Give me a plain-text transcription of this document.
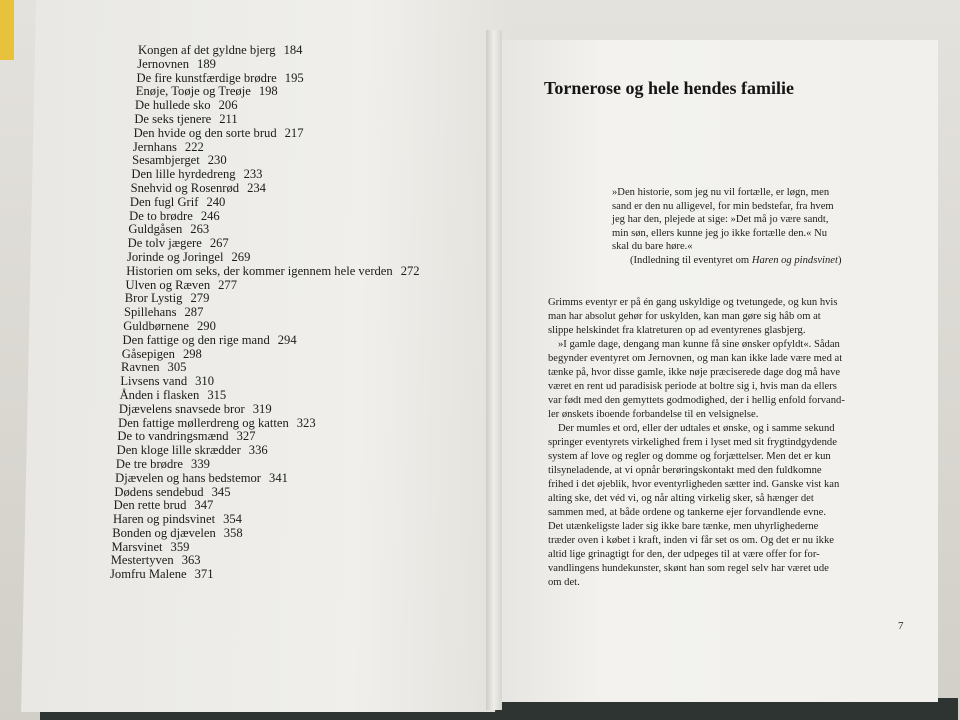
Kongen af det gyldne bjerg 184
Jernovnen 189
De fire kunstfærdige brødre 195
Enøje, Toøje og Treøje 198
De hullede sko 206
De seks tjenere 211
Den hvide og den sorte brud 217
Jernhans 222
Sesambjerget 230
Den lille hyrdedreng 233
Snehvid og Rosenrød 234
Den fugl Grif 240
De to brødre 246
Guldgåsen 263
De tolv jægere 267
Jorinde og Joringel 269
Historien om seks, der kommer igennem hele verden 272
Ulven og Ræven 277
Bror Lystig 279
Spillehans 287
Guldbørnene 290
Den fattige og den rige mand 294
Gåsepigen 298
Ravnen 305
Livsens vand 310
Ånden i flasken 315
Djævelens snavsede bror 319
Den fattige møllerdreng og katten 323
De to vandringsmænd 327
Den kloge lille skrædder 336
De tre brødre 339
Djævelen og hans bedstemor 341
Dødens sendebud 345
Den rette brud 347
Haren og pindsvinet 354
Bonden og djævelen 358
Marsvinet 359
Mestertyven 363
Jomfru Malene 371
Tornerose og hele hendes familie
»Den historie, som jeg nu vil fortælle, er løgn, men
sand er den nu alligevel, for min bedstefar, fra hvem
jeg har den, plejede at sige: »Det må jo være sandt,
min søn, ellers kunne jeg jo ikke fortælle den.« Nu
skal du bare høre.«
(Indledning til eventyret om Haren og pindsvinet)
Grimms eventyr er på én gang uskyldige og tvetungede, og kun hvis
man har absolut gehør for uskylden, kan man gøre sig håb om at
slippe helskindet fra klatreturen op ad eventyrenes glasbjerg.
»I gamle dage, dengang man kunne få sine ønsker opfyldt«. Sådan
begynder eventyret om Jernovnen, og man kan ikke lade være med at
tænke på, hvor disse gamle, ikke nøje præciserede dage dog må have
været en rent ud paradisisk periode at boltre sig i, hvis man da ellers
var født med den gemyttets godmodighed, der i hellig enfold forvand-
ler ønskets iboende forbandelse til en velsignelse.
Der mumles et ord, eller der udtales et ønske, og i samme sekund
springer eventyrets virkelighed frem i lyset med sit frygtindgydende
system af love og regler og domme og forjættelser. Men det er kun
tilsyneladende, at vi opnår berøringskontakt med den fuldkomne
frihed i det øjeblik, hvor eventyrligheden sætter ind. Ganske vist kan
alting ske, det véd vi, og når alting virkelig sker, så hænger det
sammen med, at både ordene og tankerne ejer forvandlende evne.
Det utænkeligste lader sig ikke bare tænke, men uhyrlighederne
træder oven i købet i kraft, inden vi får set os om. Og det er nu ikke
altid lige grinagtigt for den, der udpeges til at være offer for for-
vandlingens hundekunster, skønt han som regel selv har været ude
om det.
7
